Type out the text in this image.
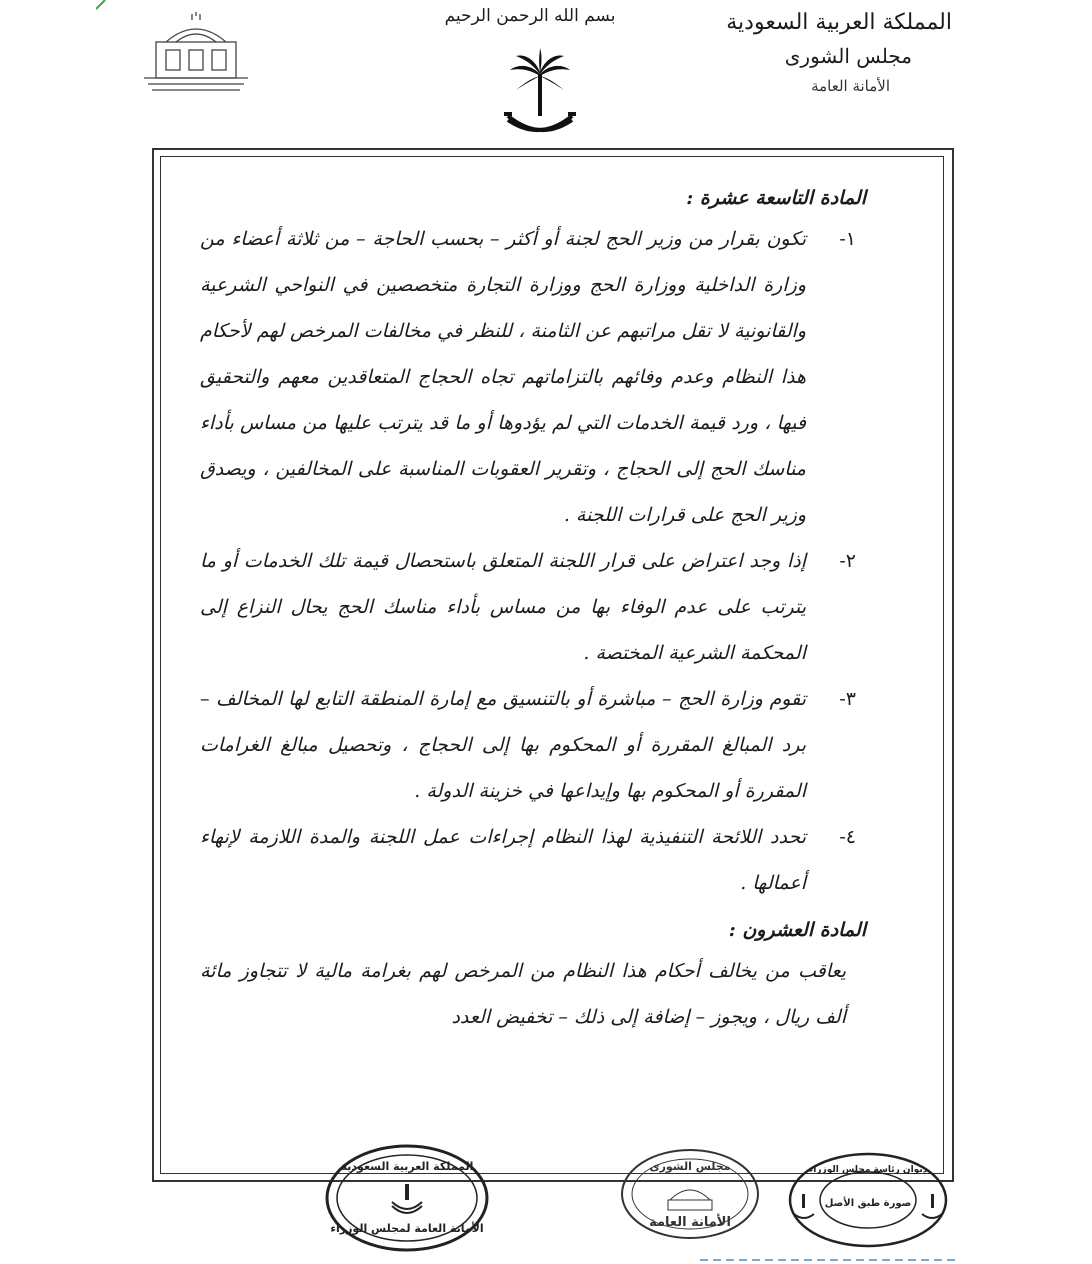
المملكة العربية السعودية
مجلس الشورى
الأمانة العامة
بسم الله الرحمن الرحيم
المادة التاسعة عشرة :
١-
تكون بقرار من وزير الحج لجنة أو أكثر – بحسب الحاجة – من ثلاثة أعضاء من وزارة الداخلية ووزارة الحج ووزارة التجارة متخصصين في النواحي الشرعية والقانونية لا تقل مراتبهم عن الثامنة ، للنظر في مخالفات المرخص لهم لأحكام هذا النظام وعدم وفائهم بالتزاماتهم تجاه الحجاج المتعاقدين معهم والتحقيق فيها ، ورد قيمة الخدمات التي لم يؤدوها أو ما قد يترتب عليها من مساس بأداء مناسك الحج إلى الحجاج ، وتقرير العقوبات المناسبة على المخالفين ، ويصدق وزير الحج على قرارات اللجنة .
٢-
إذا وجد اعتراض على قرار اللجنة المتعلق باستحصال قيمة تلك الخدمات أو ما يترتب على عدم الوفاء بها من مساس بأداء مناسك الحج يحال النزاع إلى المحكمة الشرعية المختصة .
٣-
تقوم وزارة الحج – مباشرة أو بالتنسيق مع إمارة المنطقة التابع لها المخالف – برد المبالغ المقررة أو المحكوم بها إلى الحجاج ، وتحصيل مبالغ الغرامات المقررة أو المحكوم بها وإيداعها في خزينة الدولة .
٤-
تحدد اللائحة التنفيذية لهذا النظام إجراءات عمل اللجنة والمدة اللازمة لإنهاء أعمالها .
المادة العشرون :
يعاقب من يخالف أحكام هذا النظام من المرخص لهم بغرامة مالية لا تتجاوز مائة ألف ريال ، ويجوز – إضافة إلى ذلك – تخفيض العدد
المملكة العربية السعودية
الأمانة العامة لمجلس الوزراء
مجلس الشورى
الأمانة العامة
ديوان رئاسة مجلس الوزراء
صورة طبق الأصل
